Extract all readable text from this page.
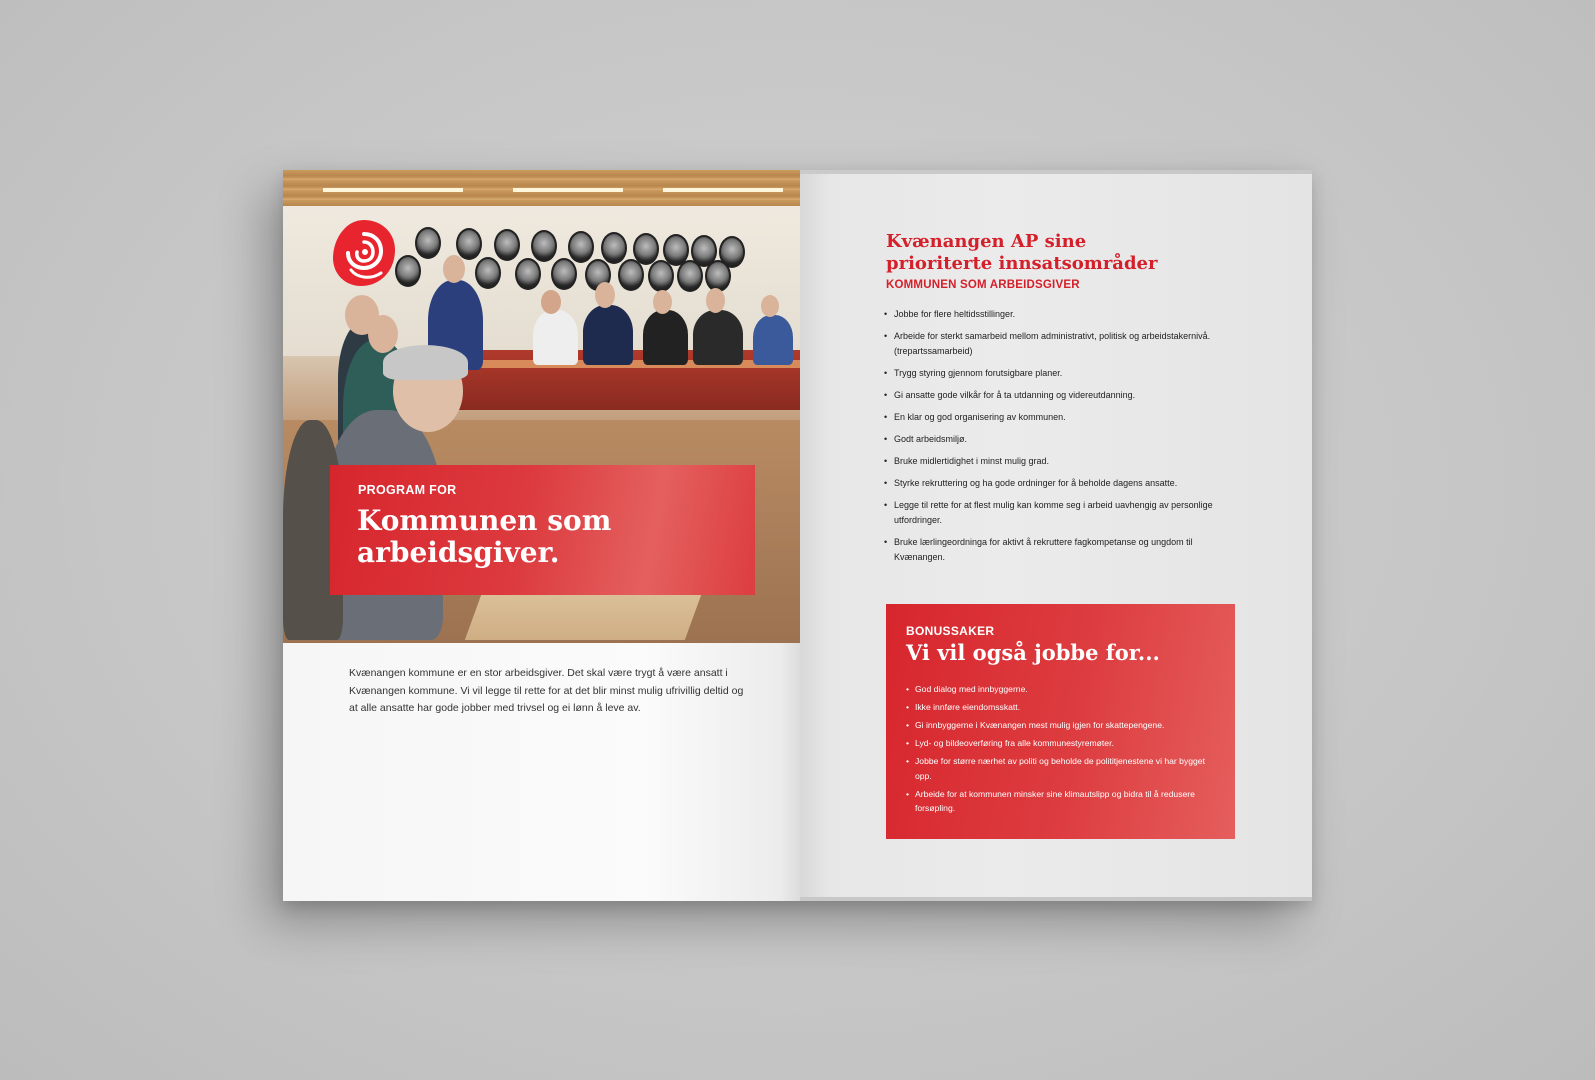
PROGRAM FOR
Kommunen som
arbeidsgiver.
Kvænangen kommune er en stor arbeidsgiver. Det skal være trygt å være ansatt i Kvænangen kommune. Vi vil legge til rette for at det blir minst mulig ufrivillig deltid og at alle ansatte har gode jobber med trivsel og ei lønn å leve av.
Kvænangen AP sine
prioriterte innsatsområder
KOMMUNEN SOM ARBEIDSGIVER
• Jobbe for flere heltidsstillinger.
• Arbeide for sterkt samarbeid mellom administrativt, politisk og arbeidstakernivå. (trepartssamarbeid)
• Trygg styring gjennom forutsigbare planer.
• Gi ansatte gode vilkår for å ta utdanning og videreutdanning.
• En klar og god organisering av kommunen.
• Godt arbeidsmiljø.
• Bruke midlertidighet i minst mulig grad.
• Styrke rekruttering og ha gode ordninger for å beholde dagens ansatte.
• Legge til rette for at flest mulig kan komme seg i arbeid uavhengig av personlige utfordringer.
• Bruke lærlingeordninga for aktivt å rekruttere fagkompetanse og ungdom til Kvænangen.
BONUSSAKER
Vi vil også jobbe for...
• God dialog med innbyggerne.
• Ikke innføre eiendomsskatt.
• Gi innbyggerne i Kvænangen mest mulig igjen for skattepengene.
• Lyd- og bildeoverføring fra alle kommunestyremøter.
• Jobbe for større nærhet av politi og beholde de polititjenestene vi har bygget opp.
• Arbeide for at kommunen minsker sine klimautslipp og bidra til å redusere forsøpling.
